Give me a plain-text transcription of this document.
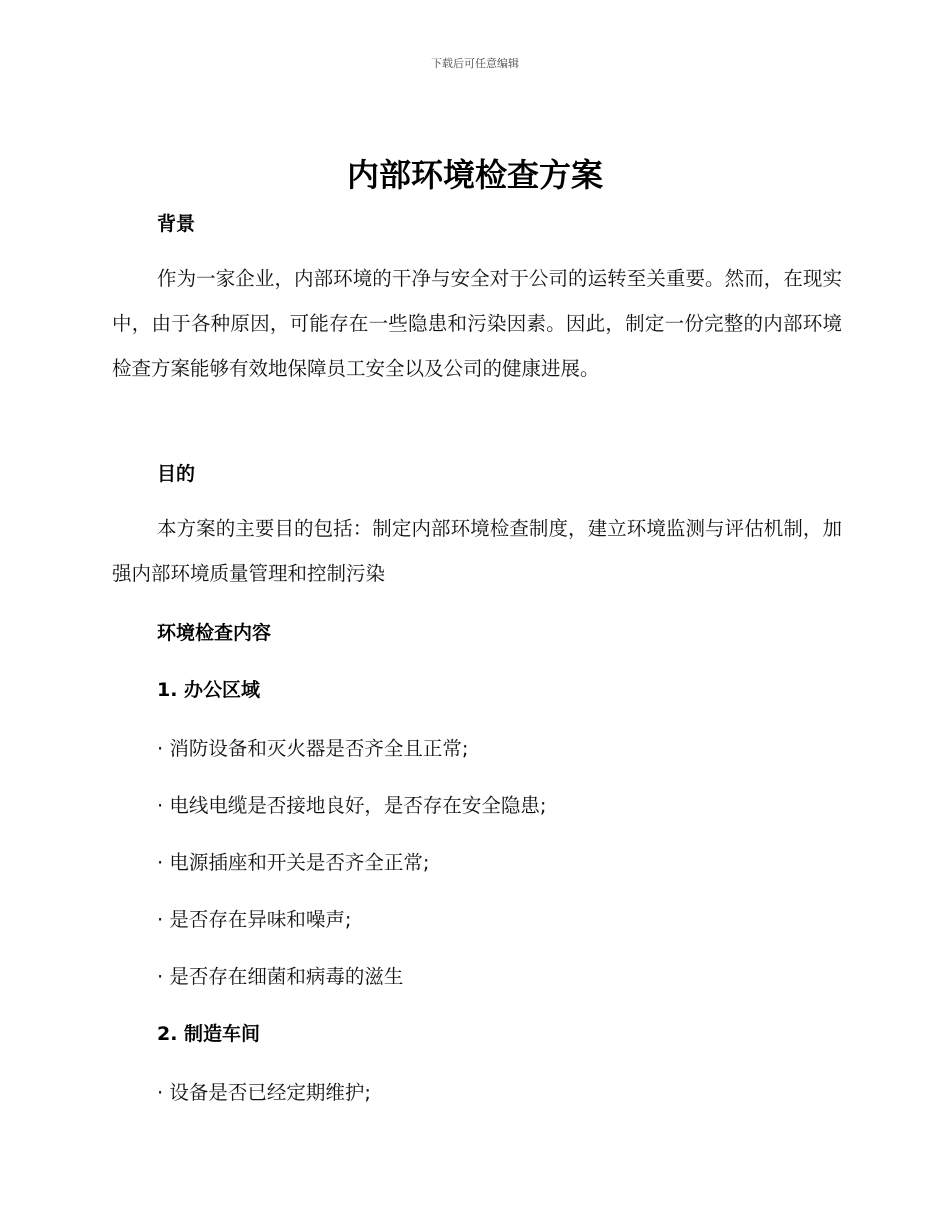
下载后可任意编辑
内部环境检查方案
背景
作为一家企业，内部环境的干净与安全对于公司的运转至关重要。然而，在现实中，由于各种原因，可能存在一些隐患和污染因素。因此，制定一份完整的内部环境检查方案能够有效地保障员工安全以及公司的健康进展。
目的
本方案的主要目的包括：制定内部环境检查制度，建立环境监测与评估机制，加强内部环境质量管理和控制污染
环境检查内容
1. 办公区域
· 消防设备和灭火器是否齐全且正常;
· 电线电缆是否接地良好，是否存在安全隐患;
· 电源插座和开关是否齐全正常;
· 是否存在异味和噪声;
· 是否存在细菌和病毒的滋生
2. 制造车间
· 设备是否已经定期维护;
